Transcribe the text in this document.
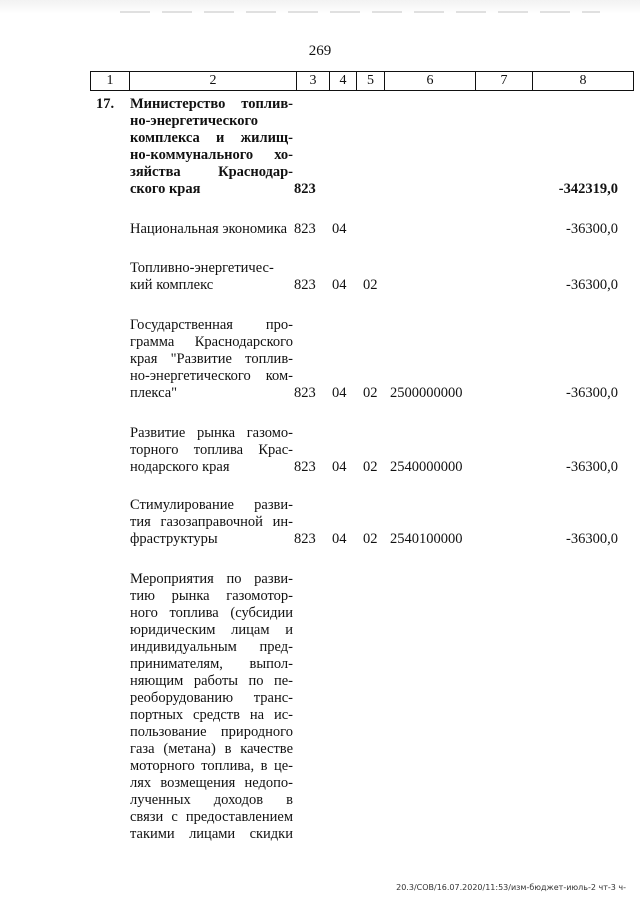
269
1	2	3	4	5	6	7	8
17. Министерство топлив-
но-энергетического
комплекса и жилищ-
но-коммунального хо-
зяйства Краснодар-
ского края	823	-342319,0
Национальная экономика 823 04	-36300,0
Топливно-энергетичес-
кий комплекс	823 04 02	-36300,0
Государственная про-
грамма Краснодарского
края "Развитие топлив-
но-энергетического ком-
плекса"	823 04 02 2500000000	-36300,0
Развитие рынка газомо-
торного топлива Крас-
нодарского края	823 04 02 2540000000	-36300,0
Стимулирование разви-
тия газозаправочной ин-
фраструктуры	823 04 02 2540100000	-36300,0
Мероприятия по разви-
тию рынка газомотор-
ного топлива (субсидии
юридическим лицам и
индивидуальным пред-
принимателям, выпол-
няющим работы по пе-
реоборудованию транс-
портных средств на ис-
пользование природного
газа (метана) в качестве
моторного топлива, в це-
лях возмещения недопо-
лученных доходов в
связи с предоставлением
такими лицами скидки
20.3/СОВ/16.07.2020/11:53/изм-бюджет-июль-2 чт-3 ч-
